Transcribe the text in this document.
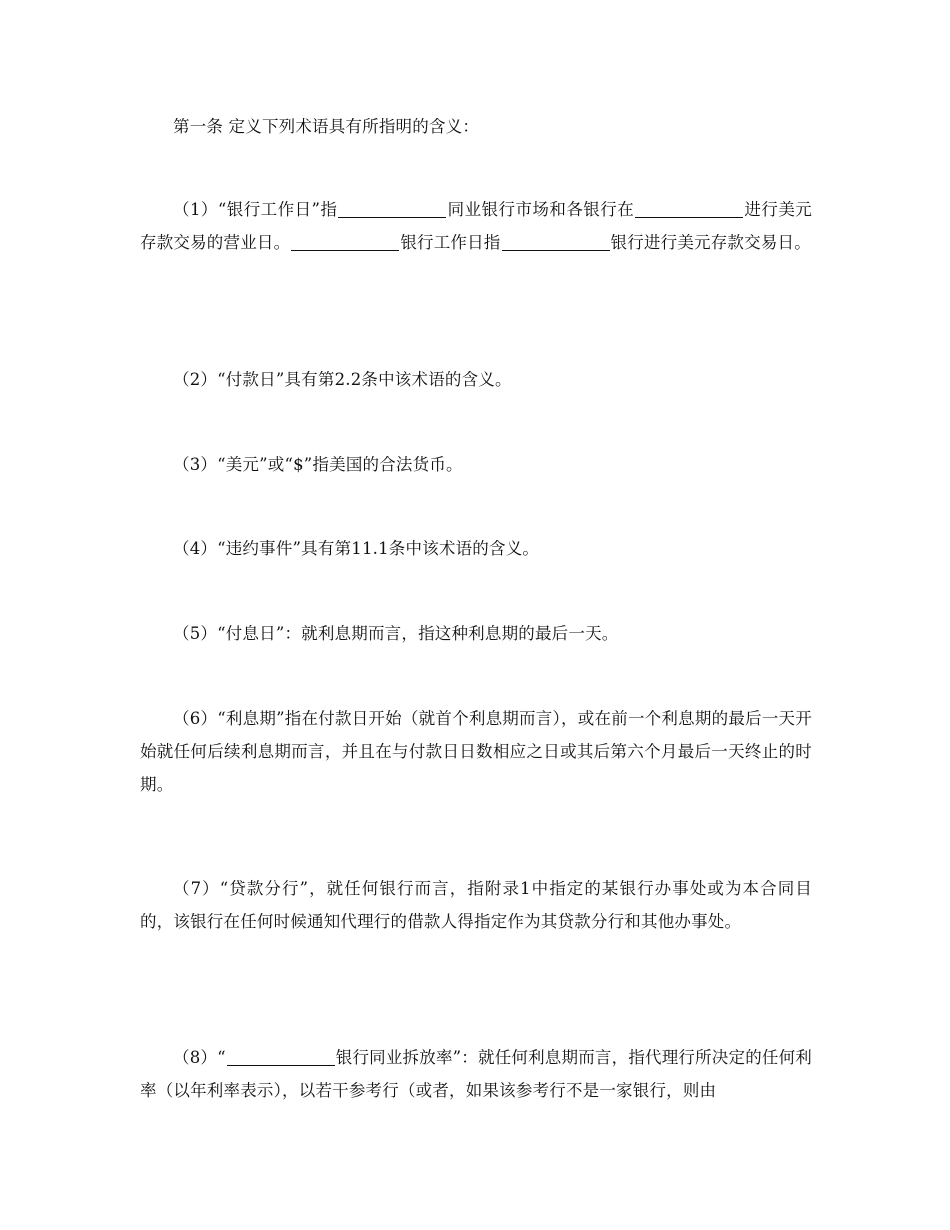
第一条 定义下列术语具有所指明的含义：

（1）“银行工作日”指	同业银行市场和各银行在	进行美元存款交易的营业日。	银行工作日指	银行进行美元存款交易日。

（2）“付款日”具有第2.2条中该术语的含义。

（3）“美元”或“$”指美国的合法货币。

（4）“违约事件”具有第11.1条中该术语的含义。

（5）“付息日”：就利息期而言，指这种利息期的最后一天。

（6）“利息期”指在付款日开始（就首个利息期而言），或在前一个利息期的最后一天开始就任何后续利息期而言，并且在与付款日日数相应之日或其后第六个月最后一天终止的时期。

（7）“贷款分行”，就任何银行而言，指附录1中指定的某银行办事处或为本合同目的，该银行在任何时候通知代理行的借款人得指定作为其贷款分行和其他办事处。

（8）“	银行同业拆放率”：就任何利息期而言，指代理行所决定的任何利率（以年利率表示），以若干参考行（或者，如果该参考行不是一家银行，则由
